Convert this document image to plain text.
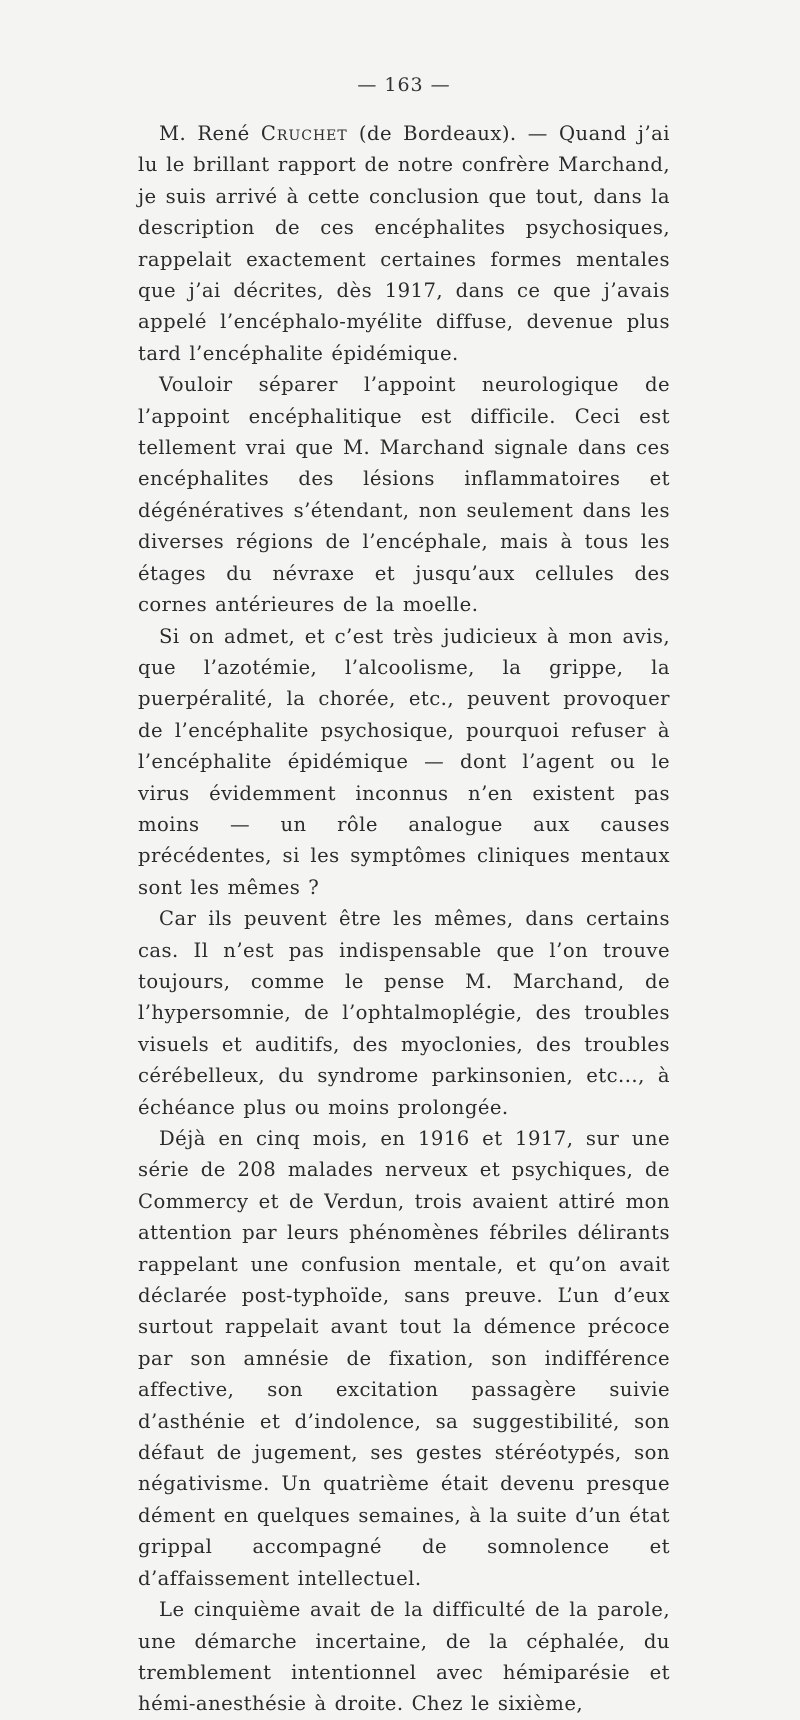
— 163 —

M. René Cruchet (de Bordeaux). — Quand j’ai lu le brillant rapport de notre confrère Marchand, je suis arrivé à cette conclusion que tout, dans la description de ces encéphalites psychosiques, rappelait exactement certaines formes mentales que j’ai décrites, dès 1917, dans ce que j’avais appelé l’encéphalo-myélite diffuse, devenue plus tard l’encéphalite épidémique.

Vouloir séparer l’appoint neurologique de l’appoint encéphalitique est difficile. Ceci est tellement vrai que M. Marchand signale dans ces encéphalites des lésions inflammatoires et dégénératives s’étendant, non seulement dans les diverses régions de l’encéphale, mais à tous les étages du névraxe et jusqu’aux cellules des cornes antérieures de la moelle.

Si on admet, et c’est très judicieux à mon avis, que l’azotémie, l’alcoolisme, la grippe, la puerpéralité, la chorée, etc., peuvent provoquer de l’encéphalite psychosique, pourquoi refuser à l’encéphalite épidémique — dont l’agent ou le virus évidemment inconnus n’en existent pas moins — un rôle analogue aux causes précédentes, si les symptômes cliniques mentaux sont les mêmes ?

Car ils peuvent être les mêmes, dans certains cas. Il n’est pas indispensable que l’on trouve toujours, comme le pense M. Marchand, de l’hypersomnie, de l’ophtalmoplégie, des troubles visuels et auditifs, des myoclonies, des troubles cérébelleux, du syndrome parkinsonien, etc..., à échéance plus ou moins prolongée.

Déjà en cinq mois, en 1916 et 1917, sur une série de 208 malades nerveux et psychiques, de Commercy et de Verdun, trois avaient attiré mon attention par leurs phénomènes fébriles délirants rappelant une confusion mentale, et qu’on avait déclarée post-typhoïde, sans preuve. L’un d’eux surtout rappelait avant tout la démence précoce par son amnésie de fixation, son indifférence affective, son excitation passagère suivie d’asthénie et d’indolence, sa suggestibilité, son défaut de jugement, ses gestes stéréotypés, son négativisme. Un quatrième était devenu presque dément en quelques semaines, à la suite d’un état grippal accompagné de somnolence et d’affaissement intellectuel.

Le cinquième avait de la difficulté de la parole, une démarche incertaine, de la céphalée, du tremblement intentionnel avec hémiparésie et hémi-anesthésie à droite. Chez le sixième,
